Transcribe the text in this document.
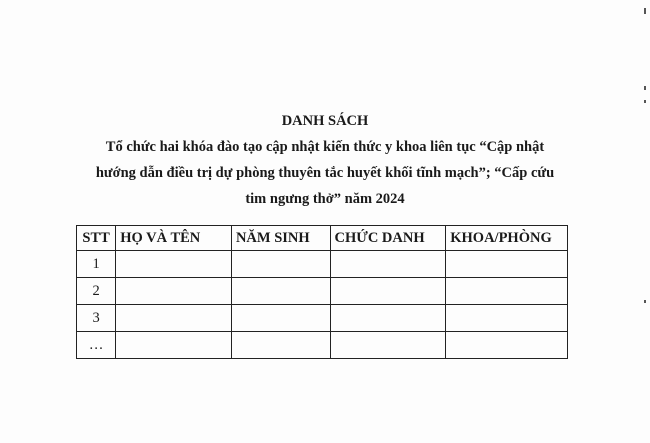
DANH SÁCH
Tổ chức hai khóa đào tạo cập nhật kiến thức y khoa liên tục “Cập nhật
hướng dẫn điều trị dự phòng thuyên tắc huyết khối tĩnh mạch”; “Cấp cứu
tim ngưng thở” năm 2024
STT	HỌ VÀ TÊN	NĂM SINH	CHỨC DANH	KHOA/PHÒNG
1				
2				
3				
…				
